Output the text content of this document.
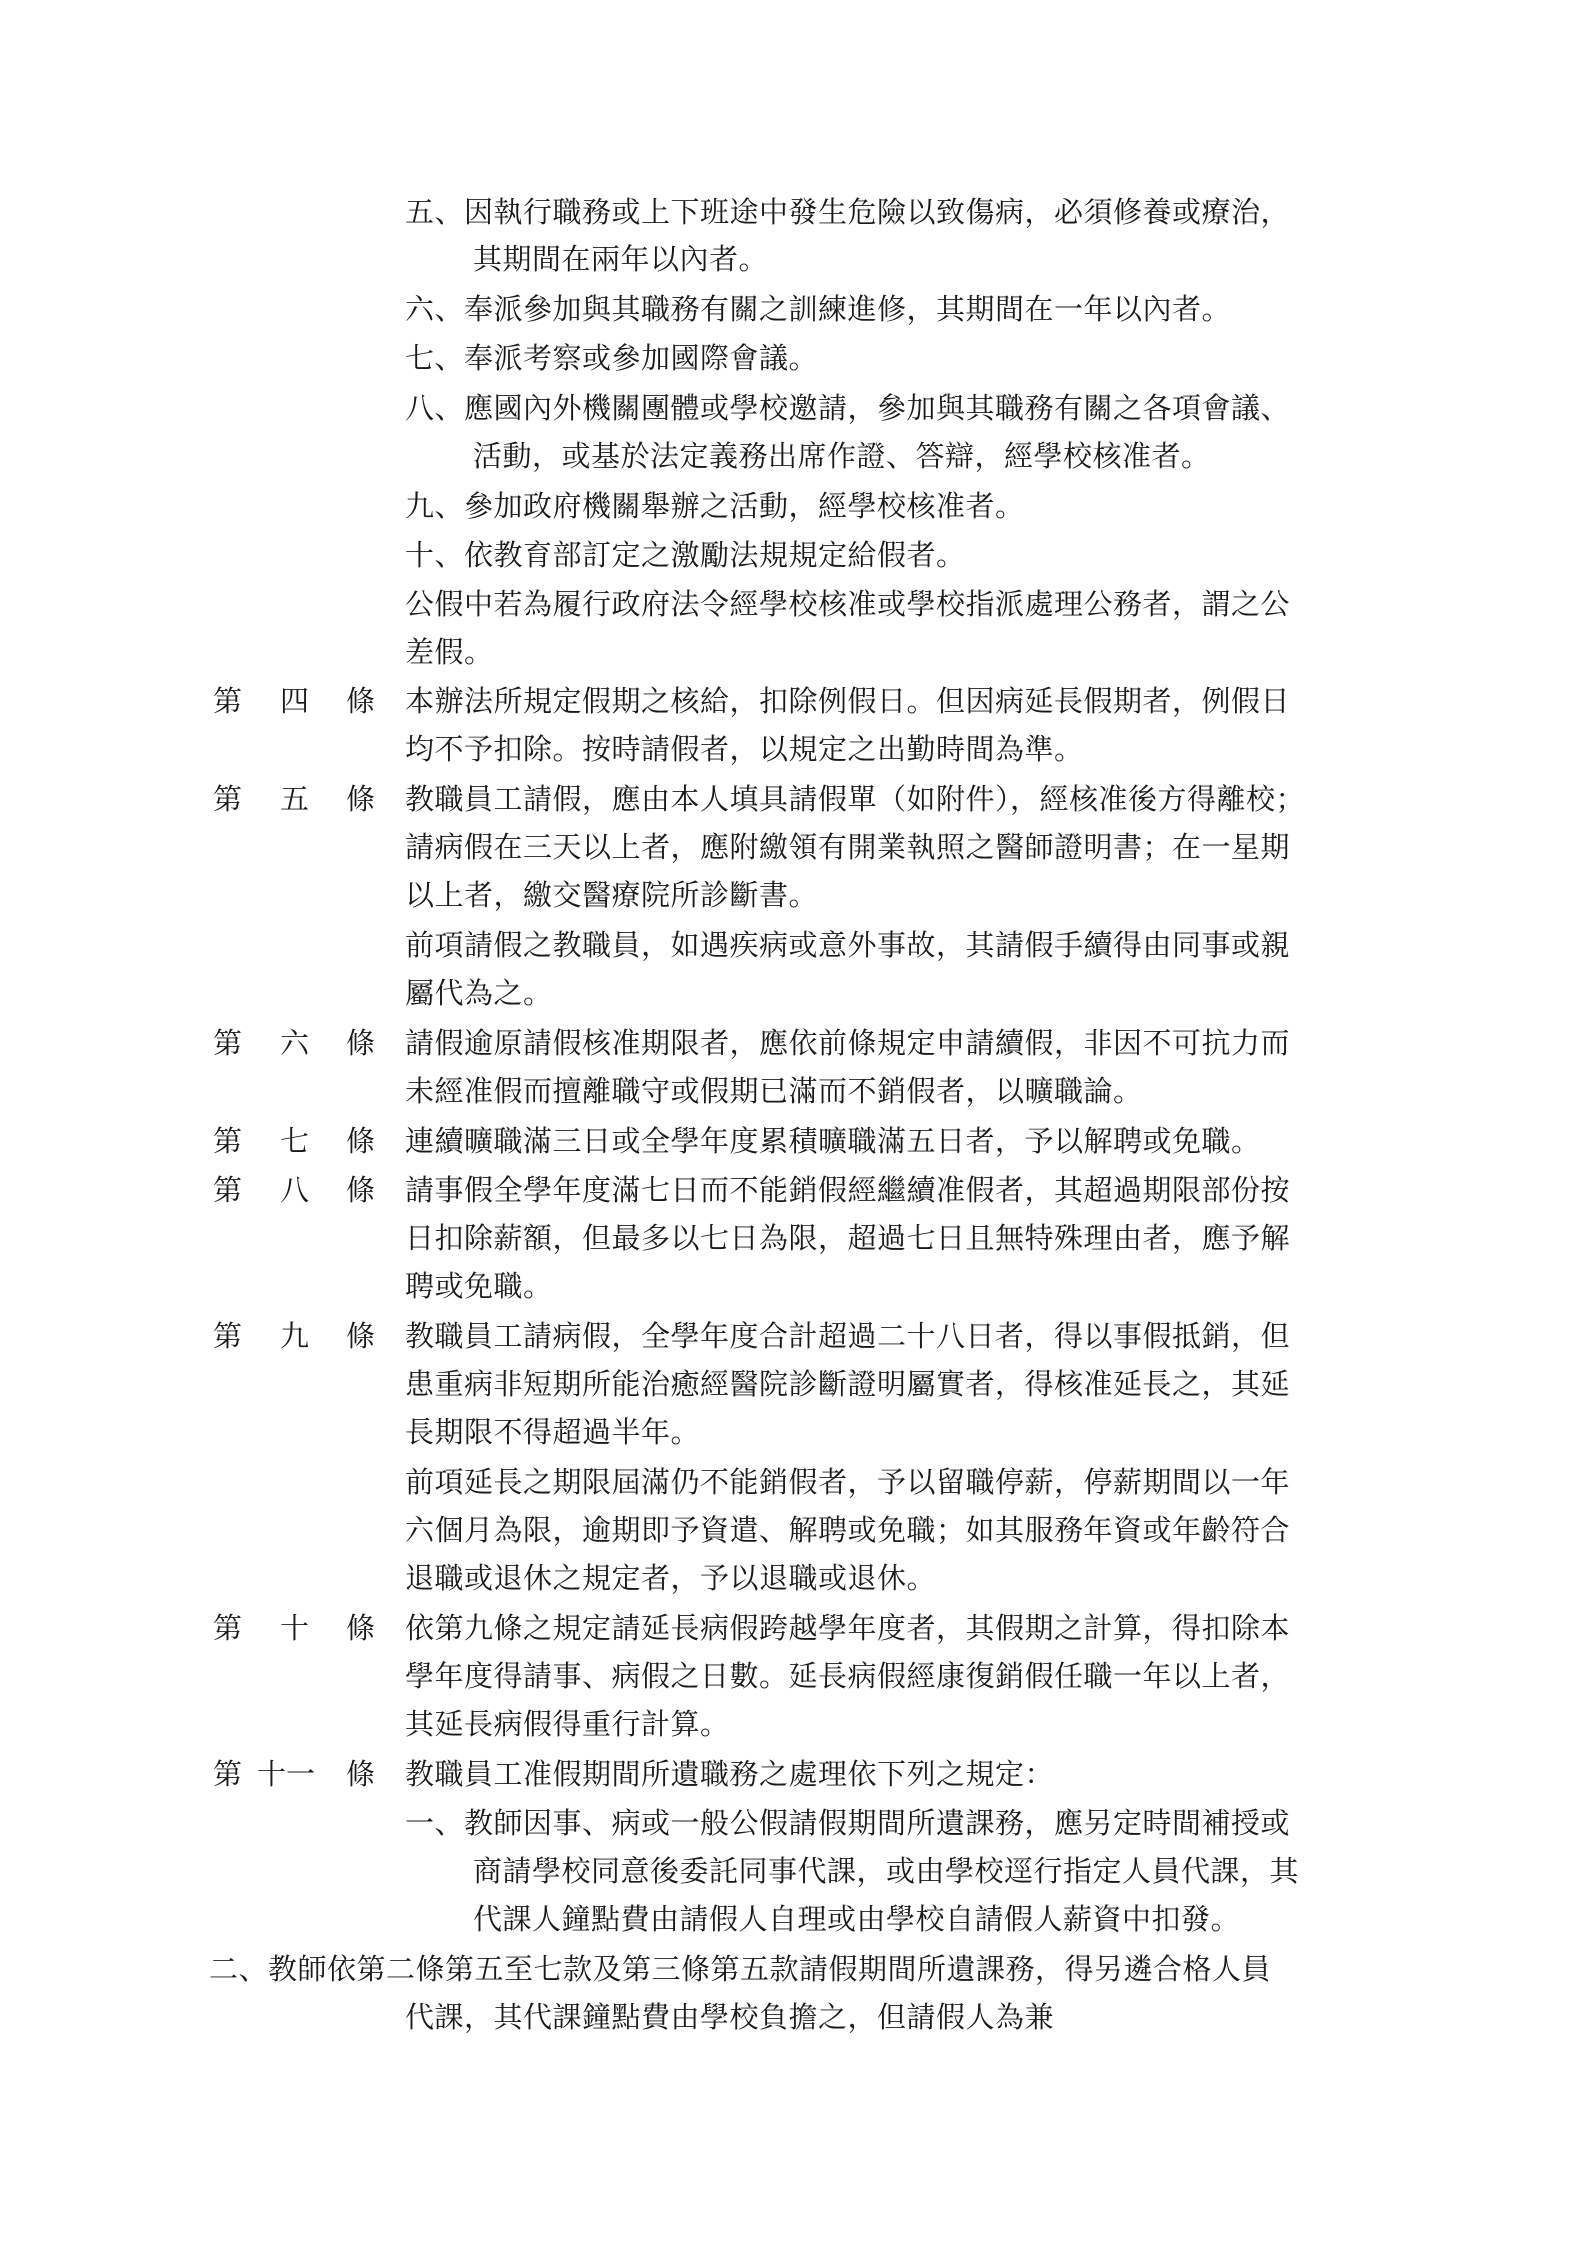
五、因執行職務或上下班途中發生危險以致傷病，必須修養或療治，
其期間在兩年以內者。
六、奉派參加與其職務有關之訓練進修，其期間在一年以內者。
七、奉派考察或參加國際會議。
八、應國內外機關團體或學校邀請，參加與其職務有關之各項會議、
活動，或基於法定義務出席作證、答辯，經學校核准者。
九、參加政府機關舉辦之活動，經學校核准者。
十、依教育部訂定之激勵法規規定給假者。
公假中若為履行政府法令經學校核准或學校指派處理公務者，謂之公
差假。
第 四 條 本辦法所規定假期之核給，扣除例假日。但因病延長假期者，例假日
均不予扣除。按時請假者，以規定之出勤時間為準。
第 五 條 教職員工請假，應由本人填具請假單（如附件），經核准後方得離校；
請病假在三天以上者，應附繳領有開業執照之醫師證明書；在一星期
以上者，繳交醫療院所診斷書。
前項請假之教職員，如遇疾病或意外事故，其請假手續得由同事或親
屬代為之。
第 六 條 請假逾原請假核准期限者，應依前條規定申請續假，非因不可抗力而
未經准假而擅離職守或假期已滿而不銷假者，以曠職論。
第 七 條 連續曠職滿三日或全學年度累積曠職滿五日者，予以解聘或免職。
第 八 條 請事假全學年度滿七日而不能銷假經繼續准假者，其超過期限部份按
日扣除薪額，但最多以七日為限，超過七日且無特殊理由者，應予解
聘或免職。
第 九 條 教職員工請病假，全學年度合計超過二十八日者，得以事假抵銷，但
患重病非短期所能治癒經醫院診斷證明屬實者，得核准延長之，其延
長期限不得超過半年。
前項延長之期限屆滿仍不能銷假者，予以留職停薪，停薪期間以一年
六個月為限，逾期即予資遣、解聘或免職；如其服務年資或年齡符合
退職或退休之規定者，予以退職或退休。
第 十 條 依第九條之規定請延長病假跨越學年度者，其假期之計算，得扣除本
學年度得請事、病假之日數。延長病假經康復銷假任職一年以上者，
其延長病假得重行計算。
第 十一 條 教職員工准假期間所遺職務之處理依下列之規定：
一、教師因事、病或一般公假請假期間所遺課務，應另定時間補授或
商請學校同意後委託同事代課，或由學校逕行指定人員代課，其
代課人鐘點費由請假人自理或由學校自請假人薪資中扣發。
二、教師依第二條第五至七款及第三條第五款請假期間所遺課務，得另遴合格人員
代課，其代課鐘點費由學校負擔之，但請假人為兼
